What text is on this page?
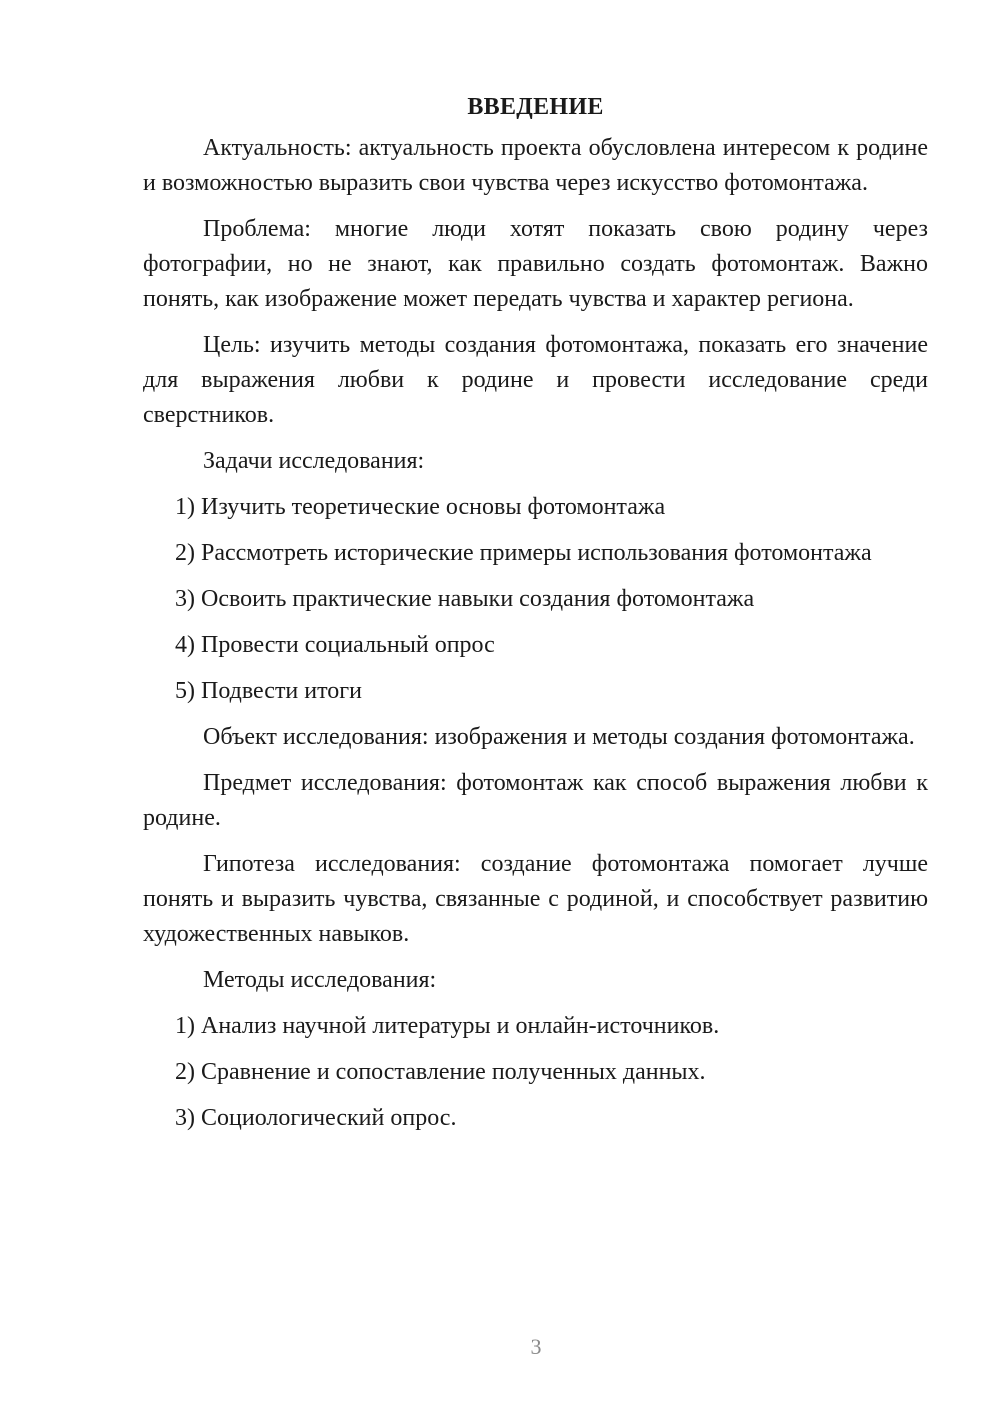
ВВЕДЕНИЕ

Актуальность: актуальность проекта обусловлена интересом к родине и возможностью выразить свои чувства через искусство фотомонтажа.

Проблема: многие люди хотят показать свою родину через фотографии, но не знают, как правильно создать фотомонтаж. Важно понять, как изображение может передать чувства и характер региона.

Цель: изучить методы создания фотомонтажа, показать его значение для выражения любви к родине и провести исследование среди сверстников.

Задачи исследования:
1) Изучить теоретические основы фотомонтажа
2) Рассмотреть исторические примеры использования фотомонтажа
3) Освоить практические навыки создания фотомонтажа
4) Провести социальный опрос
5) Подвести итоги

Объект исследования: изображения и методы создания фотомонтажа.

Предмет исследования: фотомонтаж как способ выражения любви к родине.

Гипотеза исследования: создание фотомонтажа помогает лучше понять и выразить чувства, связанные с родиной, и способствует развитию художественных навыков.

Методы исследования:
1) Анализ научной литературы и онлайн-источников.
2) Сравнение и сопоставление полученных данных.
3) Социологический опрос.
3
